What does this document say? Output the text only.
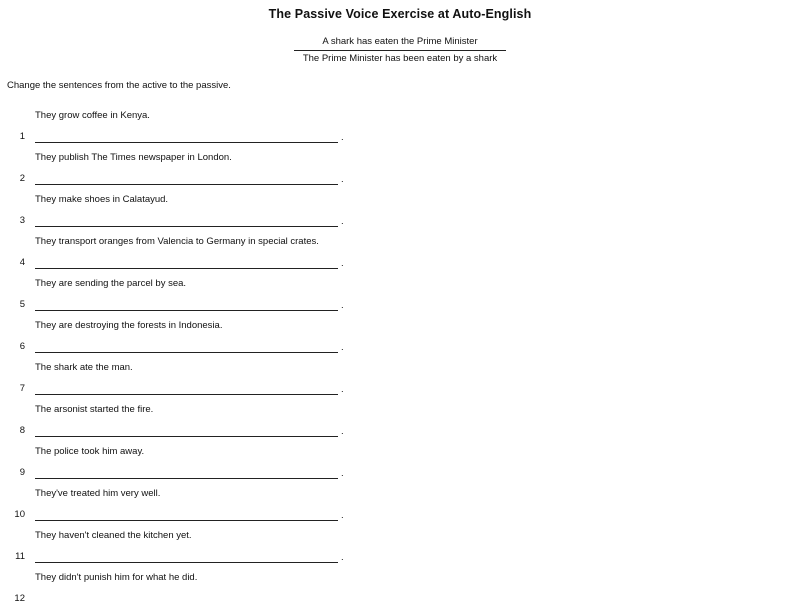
The Passive Voice Exercise at Auto-English
A shark has eaten the Prime Minister
The Prime Minister has been eaten by a shark
Change the sentences from the active to the passive.
They grow coffee in Kenya.
1	.
They publish The Times newspaper in London.
2	.
They make shoes in Calatayud.
3	.
They transport oranges from Valencia to Germany in special crates.
4	.
They are sending the parcel by sea.
5	.
They are destroying the forests in Indonesia.
6	.
The shark ate the man.
7	.
The arsonist started the fire.
8	.
The police took him away.
9	.
They've treated him very well.
10	.
They haven't cleaned the kitchen yet.
11	.
They didn't punish him for what he did.
12
